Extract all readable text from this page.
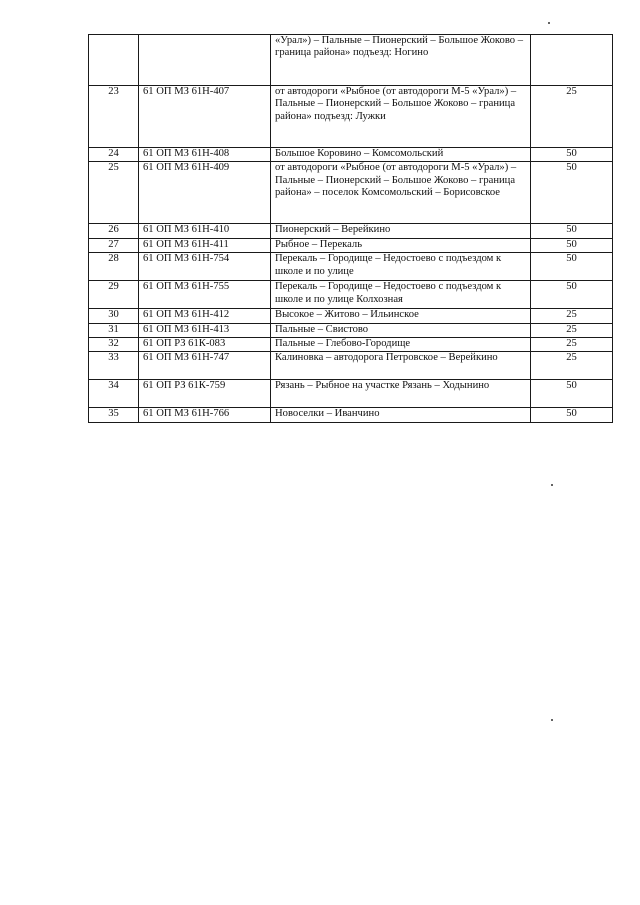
		«Урал») – Пальные – Пионерский – Большое Жоково – граница района» подъезд: Ногино	
23	61 ОП МЗ 61Н-407	от автодороги «Рыбное (от автодороги М-5 «Урал») – Пальные – Пионерский – Большое Жоково – граница района» подъезд: Лужки	25
24	61 ОП МЗ 61Н-408	Большое Коровино – Комсомольский	50
25	61 ОП МЗ 61Н-409	от автодороги «Рыбное (от автодороги М-5 «Урал») – Пальные – Пионерский – Большое Жоково – граница района» – поселок Комсомольский – Борисовское	50
26	61 ОП МЗ 61Н-410	Пионерский – Верейкино	50
27	61 ОП МЗ 61Н-411	Рыбное – Перекаль	50
28	61 ОП МЗ 61Н-754	Перекаль – Городище – Недостоево с подъездом к школе и по улице	50
29	61 ОП МЗ 61Н-755	Перекаль – Городище – Недостоево с подъездом к школе и по улице Колхозная	50
30	61 ОП МЗ 61Н-412	Высокое – Житово – Ильинское	25
31	61 ОП МЗ 61Н-413	Пальные – Свистово	25
32	61 ОП РЗ 61К-083	Пальные – Глебово-Городище	25
33	61 ОП МЗ 61Н-747	Калиновка – автодорога Петровское – Верейкино	25
34	61 ОП РЗ 61К-759	Рязань – Рыбное на участке Рязань – Ходынино	50
35	61 ОП МЗ 61Н-766	Новоселки – Иванчино	50
